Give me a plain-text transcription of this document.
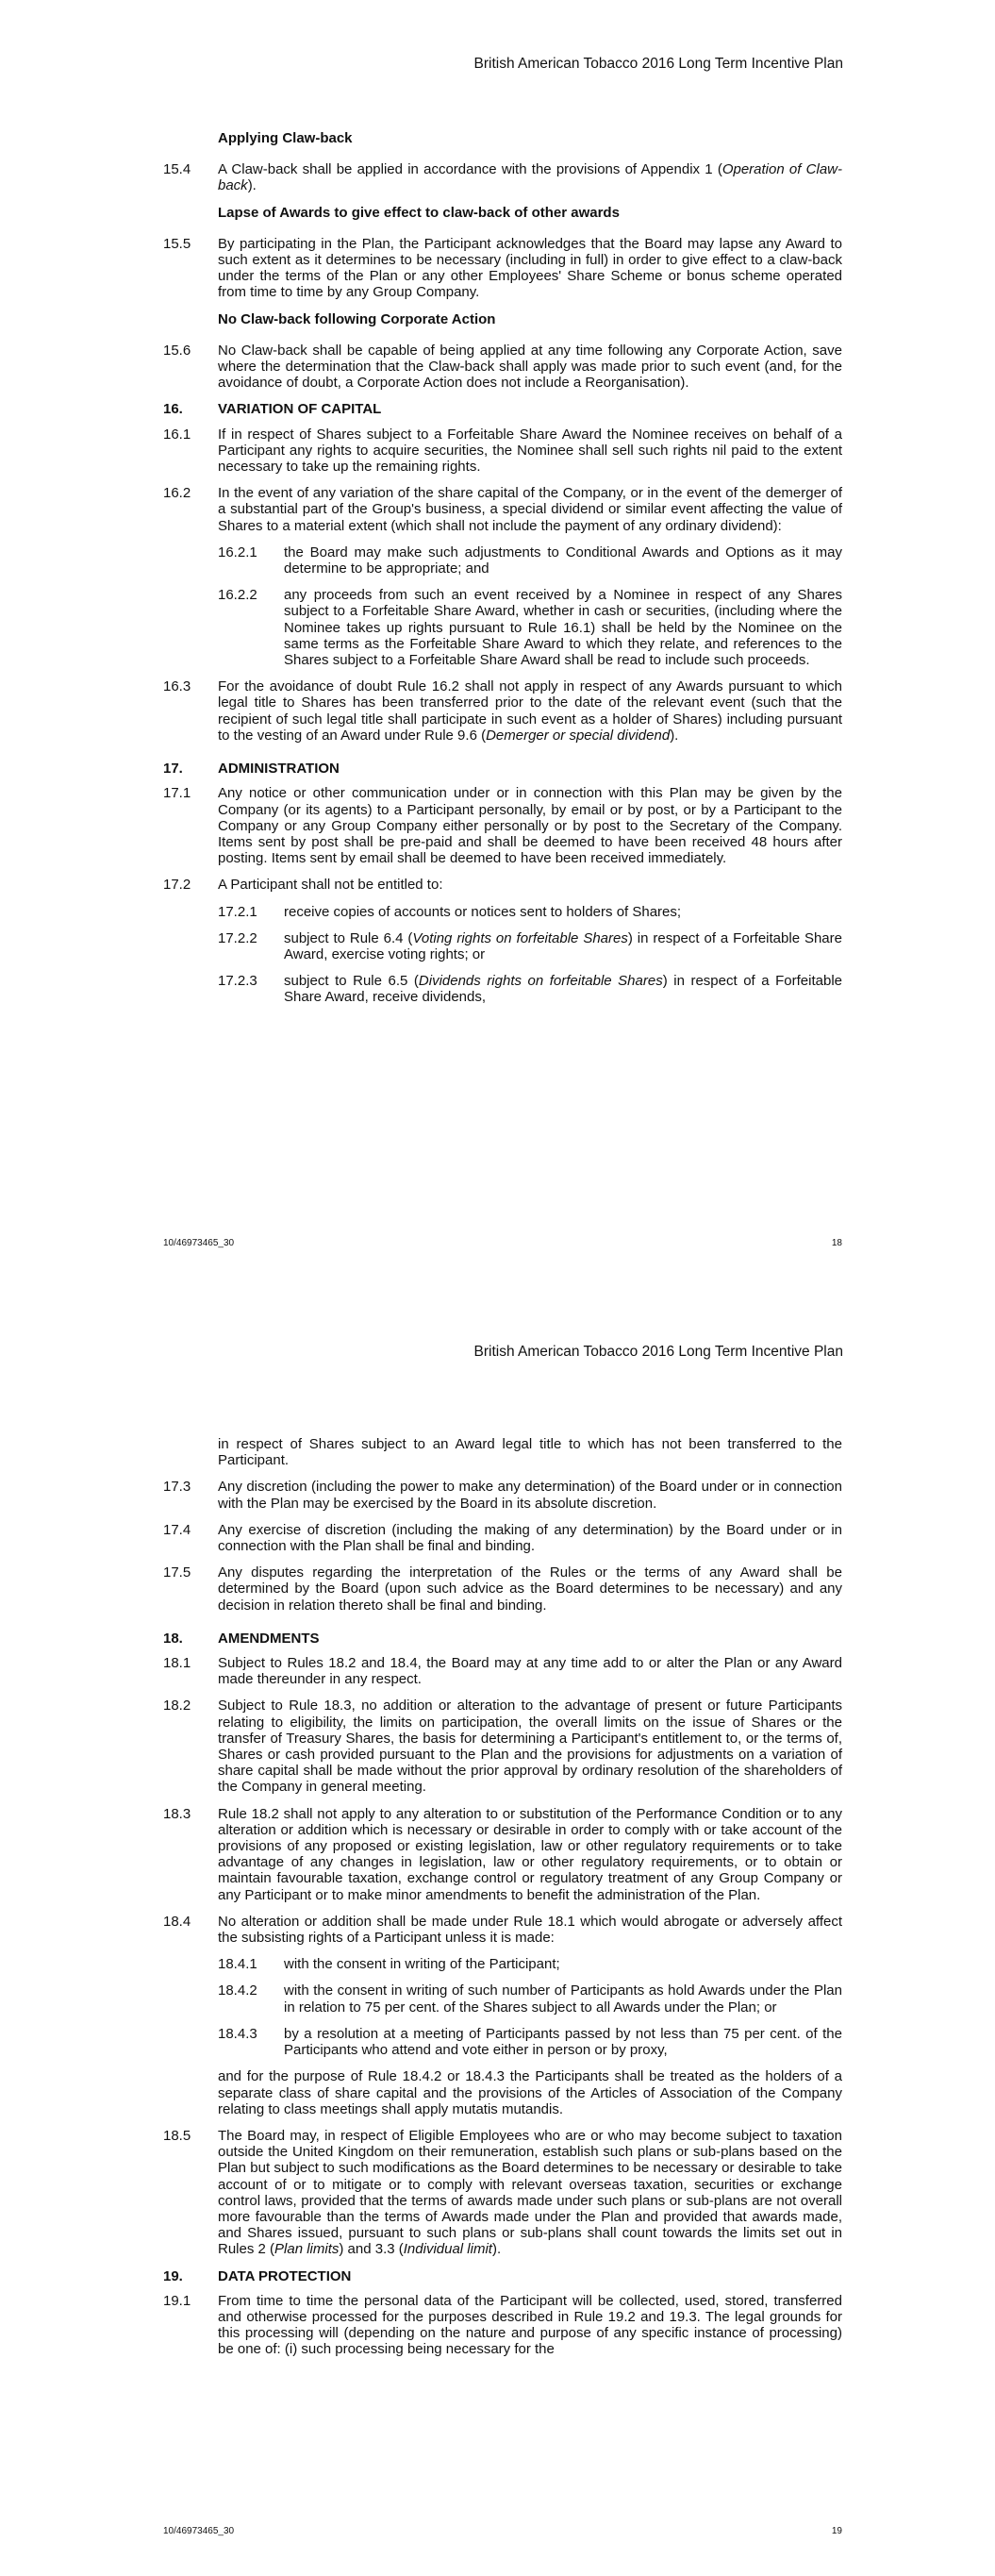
British American Tobacco 2016 Long Term Incentive Plan
Applying Claw-back
15.4	A Claw-back shall be applied in accordance with the provisions of Appendix 1 (Operation of Claw-back).
Lapse of Awards to give effect to claw-back of other awards
15.5	By participating in the Plan, the Participant acknowledges that the Board may lapse any Award to such extent as it determines to be necessary (including in full) in order to give effect to a claw-back under the terms of the Plan or any other Employees' Share Scheme or bonus scheme operated from time to time by any Group Company.
No Claw-back following Corporate Action
15.6	No Claw-back shall be capable of being applied at any time following any Corporate Action, save where the determination that the Claw-back shall apply was made prior to such event (and, for the avoidance of doubt, a Corporate Action does not include a Reorganisation).
16.	VARIATION OF CAPITAL
16.1	If in respect of Shares subject to a Forfeitable Share Award the Nominee receives on behalf of a Participant any rights to acquire securities, the Nominee shall sell such rights nil paid to the extent necessary to take up the remaining rights.
16.2	In the event of any variation of the share capital of the Company, or in the event of the demerger of a substantial part of the Group's business, a special dividend or similar event affecting the value of Shares to a material extent (which shall not include the payment of any ordinary dividend):
16.2.1	the Board may make such adjustments to Conditional Awards and Options as it may determine to be appropriate; and
16.2.2	any proceeds from such an event received by a Nominee in respect of any Shares subject to a Forfeitable Share Award, whether in cash or securities, (including where the Nominee takes up rights pursuant to Rule 16.1) shall be held by the Nominee on the same terms as the Forfeitable Share Award to which they relate, and references to the Shares subject to a Forfeitable Share Award shall be read to include such proceeds.
16.3	For the avoidance of doubt Rule 16.2 shall not apply in respect of any Awards pursuant to which legal title to Shares has been transferred prior to the date of the relevant event (such that the recipient of such legal title shall participate in such event as a holder of Shares) including pursuant to the vesting of an Award under Rule 9.6 (Demerger or special dividend).
17.	ADMINISTRATION
17.1	Any notice or other communication under or in connection with this Plan may be given by the Company (or its agents) to a Participant personally, by email or by post, or by a Participant to the Company or any Group Company either personally or by post to the Secretary of the Company. Items sent by post shall be pre-paid and shall be deemed to have been received 48 hours after posting. Items sent by email shall be deemed to have been received immediately.
17.2	A Participant shall not be entitled to:
17.2.1	receive copies of accounts or notices sent to holders of Shares;
17.2.2	subject to Rule 6.4 (Voting rights on forfeitable Shares) in respect of a Forfeitable Share Award, exercise voting rights; or
17.2.3	subject to Rule 6.5 (Dividends rights on forfeitable Shares) in respect of a Forfeitable Share Award, receive dividends,
10/46973465_30	18
British American Tobacco 2016 Long Term Incentive Plan
in respect of Shares subject to an Award legal title to which has not been transferred to the Participant.
17.3	Any discretion (including the power to make any determination) of the Board under or in connection with the Plan may be exercised by the Board in its absolute discretion.
17.4	Any exercise of discretion (including the making of any determination) by the Board under or in connection with the Plan shall be final and binding.
17.5	Any disputes regarding the interpretation of the Rules or the terms of any Award shall be determined by the Board (upon such advice as the Board determines to be necessary) and any decision in relation thereto shall be final and binding.
18.	AMENDMENTS
18.1	Subject to Rules 18.2 and 18.4, the Board may at any time add to or alter the Plan or any Award made thereunder in any respect.
18.2	Subject to Rule 18.3, no addition or alteration to the advantage of present or future Participants relating to eligibility, the limits on participation, the overall limits on the issue of Shares or the transfer of Treasury Shares, the basis for determining a Participant's entitlement to, or the terms of, Shares or cash provided pursuant to the Plan and the provisions for adjustments on a variation of share capital shall be made without the prior approval by ordinary resolution of the shareholders of the Company in general meeting.
18.3	Rule 18.2 shall not apply to any alteration to or substitution of the Performance Condition or to any alteration or addition which is necessary or desirable in order to comply with or take account of the provisions of any proposed or existing legislation, law or other regulatory requirements or to take advantage of any changes in legislation, law or other regulatory requirements, or to obtain or maintain favourable taxation, exchange control or regulatory treatment of any Group Company or any Participant or to make minor amendments to benefit the administration of the Plan.
18.4	No alteration or addition shall be made under Rule 18.1 which would abrogate or adversely affect the subsisting rights of a Participant unless it is made:
18.4.1	with the consent in writing of the Participant;
18.4.2	with the consent in writing of such number of Participants as hold Awards under the Plan in relation to 75 per cent. of the Shares subject to all Awards under the Plan; or
18.4.3	by a resolution at a meeting of Participants passed by not less than 75 per cent. of the Participants who attend and vote either in person or by proxy,
and for the purpose of Rule 18.4.2 or 18.4.3 the Participants shall be treated as the holders of a separate class of share capital and the provisions of the Articles of Association of the Company relating to class meetings shall apply mutatis mutandis.
18.5	The Board may, in respect of Eligible Employees who are or who may become subject to taxation outside the United Kingdom on their remuneration, establish such plans or sub-plans based on the Plan but subject to such modifications as the Board determines to be necessary or desirable to take account of or to mitigate or to comply with relevant overseas taxation, securities or exchange control laws, provided that the terms of awards made under such plans or sub-plans are not overall more favourable than the terms of Awards made under the Plan and provided that awards made, and Shares issued, pursuant to such plans or sub-plans shall count towards the limits set out in Rules 2 (Plan limits) and 3.3 (Individual limit).
19.	DATA PROTECTION
19.1	From time to time the personal data of the Participant will be collected, used, stored, transferred and otherwise processed for the purposes described in Rule 19.2 and 19.3. The legal grounds for this processing will (depending on the nature and purpose of any specific instance of processing) be one of: (i) such processing being necessary for the
10/46973465_30	19
